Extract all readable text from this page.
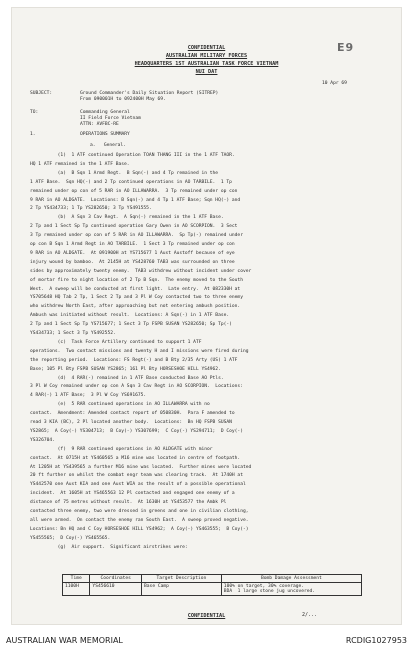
E9
CONFIDENTIAL
AUSTRALIAN MILITARY FORCES
HEADQUARTERS 1ST AUSTRALIAN TASK FORCE VIETNAM
NUI DAT
10 Apr 69
SUBJECT:	Ground Commander's Daily Situation Report (SITREP)
From 090001H to 092400H May 69.
TO:	Commanding General
II Field Force Vietnam
ATTN: AVFBC-RE
1.	OPERATIONS SUMMARY
a.   General.
(1)  1 ATF continued Operation TOAN THANG III in the 1 ATF TAOR.
HQ 1 ATF remained in the 1 ATF Base.
(a)  B Sqn 1 Armd Regt.  B Sqn(-) and 4 Tp remained in the
1 ATF Base.  Sqn HQ(-) and 2 Tp continued operations in AO TARBILE.  1 Tp
remained under op con of 5 RAR in AO ILLAWARRA.  3 Tp remained under op con
9 RAR in AO ALDGATE.  Locations: B Sqn(-) and 4 Tp 1 ATF Base; Sqn HQ(-) and
2 Tp YS434733; 1 Tp YS282650; 3 Tp YS491555.
(b)  A Sqn 3 Cav Regt.  A Sqn(-) remained in the 1 ATF Base.
2 Tp and 1 Sect Sp Tp continued operation Gary Owen in AO SCORPION.  3 Sect
3 Tp remained under op con of 5 RAR in AO ILLAWARRA.  Sp Tp(-) remained under
op con B Sqn 1 Armd Regt in AO TARBILE.  1 Sect 3 Tp remained under op con
9 RAR in AO ALDGATE.  At 091900H at YS715677 1 Aust Austoff because of eye
injury wound by bamboo.  At 2145H at YS428760 TAB3 was surrounded on three
sides by approximately twenty enemy.  TAB3 withdrew without incident under cover
of mortar fire to night location of 2 Tp B Sqn.  The enemy moved to the South
West.  A sweep will be conducted at first light.  Late entry.  At 082330H at
YS705648 HQ Tab 2 Tp, 1 Sect 2 Tp and 3 Pl W Coy contacted two to three enemy
who withdrew North East, after approaching but not entering ambush position.
Ambush was initiated without result.  Locations: A Sqn(-) in 1 ATF Base.
2 Tp and 1 Sect Sp Tp YS715677; 1 Sect 3 Tp FSPB SUSAN YS282650; Sp Tp(-)
YS434733; 1 Sect 3 Tp YS492552.
(c)  Task Force Artillery continued to support 1 ATF
operations.  Two contact missions and twenty H and I missions were fired during
the reporting period.  Locations: FS Regt(-) and B Bty 2/35 Arty (US) 1 ATF
Base; 105 Pl Bty FSPB SUSAN YS2865; 161 Pl Bty HORSESHOE HILL YS4962.
(d)  4 RAR(-) remained in 1 ATF Base conducted Base AO Ptls.
3 Pl W Coy remained under op con A Sqn 3 Cav Regt in AO SCORPION.  Locations:
4 RAR(-) 1 ATF Base;  3 Pl W Coy YS691675.
(e)  5 RAR continued operations in AO ILLAWARRA with no
contact.  Amendment: Amended contact report of 050830H.  Para F amended to
read 3 KIA (BC), 2 Pl located another body.  Locations:  Bn HQ FSPB SUSAN
YS2865;  A Coy(-) YS304713;  B Coy(-) YS307699;  C Coy(-) YS294711;  D Coy(-)
YS326704.
(f)  9 RAR continued operations in AO ALDGATE with minor
contact.  At 0715H at YS460565 a M16 mine was located in centre of footpath.
At 1205H at YS439565 a further M16 mine was located.  Further mines were located
20 ft further on whilst the combat engr team was clearing track.  At 1740H at
YS442570 one Aust KIA and one Aust WIA as the result of a possible operational
incident.  At 1605H at YS465563 12 Pl contacted and engaged one enemy of a
distance of 75 metres without result.  At 1630H at YS453577 the Ambk Pl
contacted three enemy, two were dressed in greens and one in civilian clothing,
all were armed.  On contact the enemy ran South East.  A sweep proved negative.
Locations: Bn HQ and C Coy HORSESHOE HILL YS4962;  A Coy(-) YS463555;  B Coy(-)
YS455565;  D Coy(-) YS465565.
(g)  Air support.  Significant airstrikes were:
Time	Coordinates	Target Description	Bomb Damage Assessment
1100H	YS456610	Base Camp	100% on target, 30% coverage.
BDA  1 large stone jug uncovered.
CONFIDENTIAL	2/...
AUSTRALIAN WAR MEMORIAL	RCDIG1027953
